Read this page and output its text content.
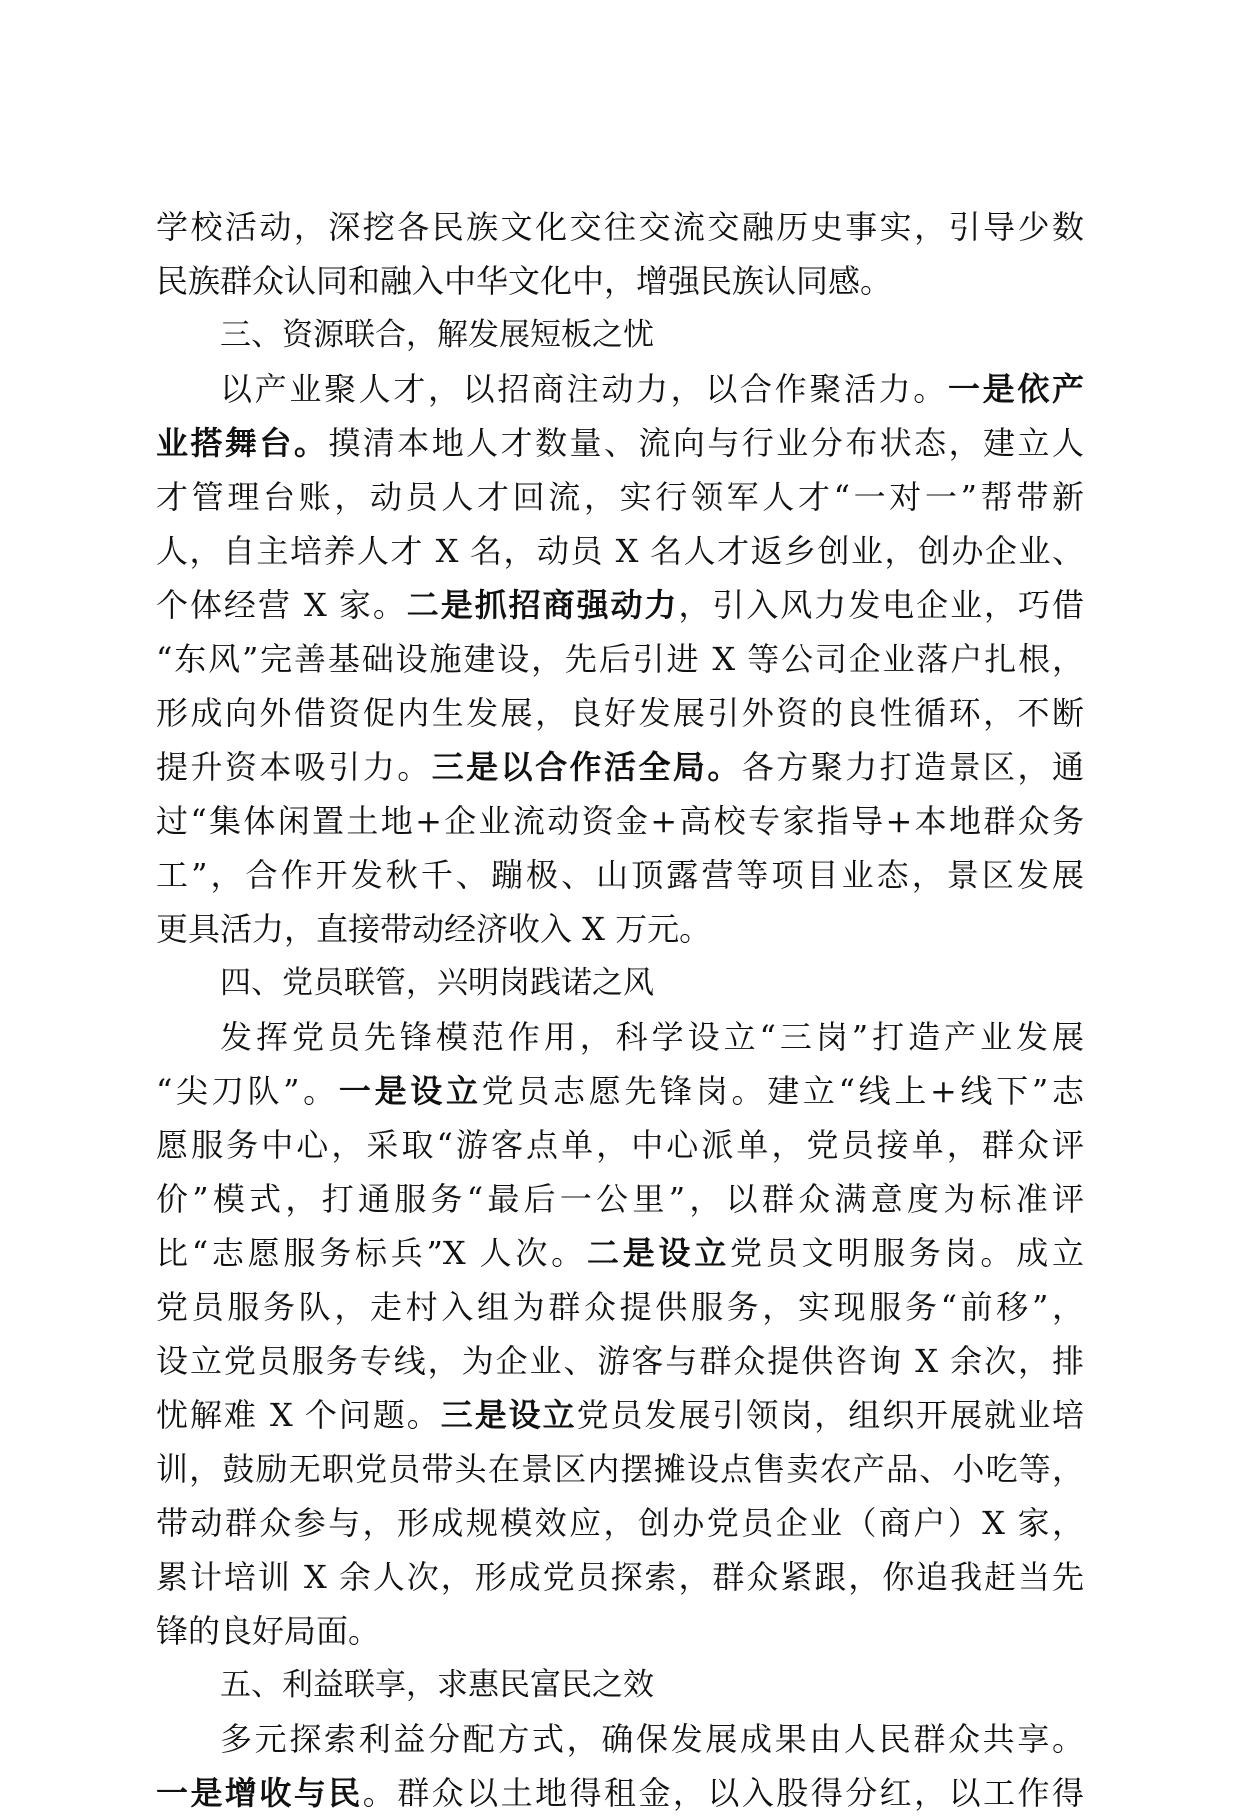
学校活动，深挖各民族文化交往交流交融历史事实，引导少数
民族群众认同和融入中华文化中，增强民族认同感。
三、资源联合，解发展短板之忧
以产业聚人才，以招商注动力，以合作聚活力。一是依产
业搭舞台。摸清本地人才数量、流向与行业分布状态，建立人
才管理台账，动员人才回流，实行领军人才“一对一”帮带新
人，自主培养人才 X 名，动员 X 名人才返乡创业，创办企业、
个体经营 X 家。二是抓招商强动力，引入风力发电企业，巧借
“东风”完善基础设施建设，先后引进 X 等公司企业落户扎根，
形成向外借资促内生发展，良好发展引外资的良性循环，不断
提升资本吸引力。三是以合作活全局。各方聚力打造景区，通
过“集体闲置土地+企业流动资金+高校专家指导+本地群众务
工”，合作开发秋千、蹦极、山顶露营等项目业态，景区发展
更具活力，直接带动经济收入 X 万元。
四、党员联管，兴明岗践诺之风
发挥党员先锋模范作用，科学设立“三岗”打造产业发展
“尖刀队”。一是设立党员志愿先锋岗。建立“线上+线下”志
愿服务中心，采取“游客点单，中心派单，党员接单，群众评
价”模式，打通服务“最后一公里”，以群众满意度为标准评
比“志愿服务标兵”X 人次。二是设立党员文明服务岗。成立
党员服务队，走村入组为群众提供服务，实现服务“前移”，
设立党员服务专线，为企业、游客与群众提供咨询 X 余次，排
忧解难 X 个问题。三是设立党员发展引领岗，组织开展就业培
训，鼓励无职党员带头在景区内摆摊设点售卖农产品、小吃等，
带动群众参与，形成规模效应，创办党员企业（商户）X 家，
累计培训 X 余人次，形成党员探索，群众紧跟，你追我赶当先
锋的良好局面。
五、利益联享，求惠民富民之效
多元探索利益分配方式，确保发展成果由人民群众共享。
一是增收与民。群众以土地得租金，以入股得分红，以工作得
